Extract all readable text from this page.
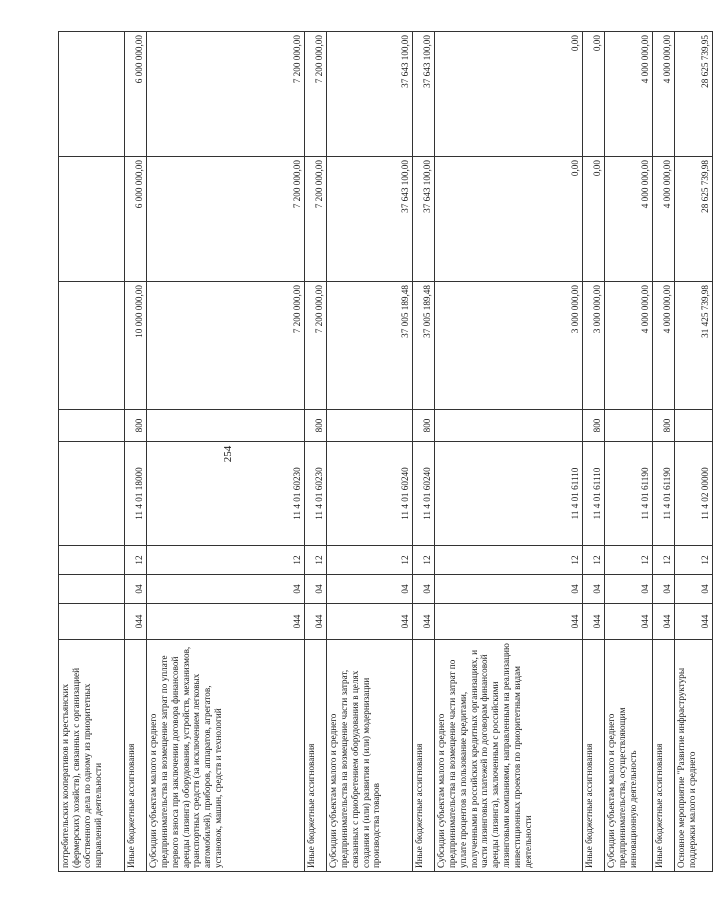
254
потребительских кооперативов и крестьянских (фермерских) хозяйств), связанных с организацией собственного дела по одному из приоритетных направлений деятельности								
Иные бюджетные ассигнования	044	04	12	11 4 01 18000	800	10 000 000,00	6 000 000,00	6 000 000,00
Субсидии субъектам малого и среднего предпринимательства на возмещение затрат по уплате первого взноса при заключении договора финансовой аренды (лизинга) оборудования, устройств, механизмов, транспортных средств (за исключением легковых автомобилей), приборов, аппаратов, агрегатов, установок, машин, средств и технологий	044	04	12	11 4 01 60230		7 200 000,00	7 200 000,00	7 200 000,00
Иные бюджетные ассигнования	044	04	12	11 4 01 60230	800	7 200 000,00	7 200 000,00	7 200 000,00
Субсидии субъектам малого и среднего предпринимательства на возмещение части затрат, связанных с приобретением оборудования в целях создания и (или) развития и (или) модернизации производства товаров	044	04	12	11 4 01 60240		37 005 189,48	37 643 100,00	37 643 100,00
Иные бюджетные ассигнования	044	04	12	11 4 01 60240	800	37 005 189,48	37 643 100,00	37 643 100,00
Субсидии субъектам малого и среднего предпринимательства на возмещение части затрат по уплате процентов за пользование кредитами, полученными в российских кредитных организациях, и части лизинговых платежей по договорам финансовой аренды (лизинга), заключенным с российскими лизинговыми компаниями, направленным на реализацию инвестиционных проектов по приоритетным видам деятельности	044	04	12	11 4 01 61110		3 000 000,00	0,00	0,00
Иные бюджетные ассигнования	044	04	12	11 4 01 61110	800	3 000 000,00	0,00	0,00
Субсидии субъектам малого и среднего предпринимательства, осуществляющим инновационную деятельность	044	04	12	11 4 01 61190		4 000 000,00	4 000 000,00	4 000 000,00
Иные бюджетные ассигнования	044	04	12	11 4 01 61190	800	4 000 000,00	4 000 000,00	4 000 000,00
Основное мероприятие "Развитие инфраструктуры поддержки малого и среднего	044	04	12	11 4 02 00000		31 425 739,98	28 625 739,98	28 625 739,95
